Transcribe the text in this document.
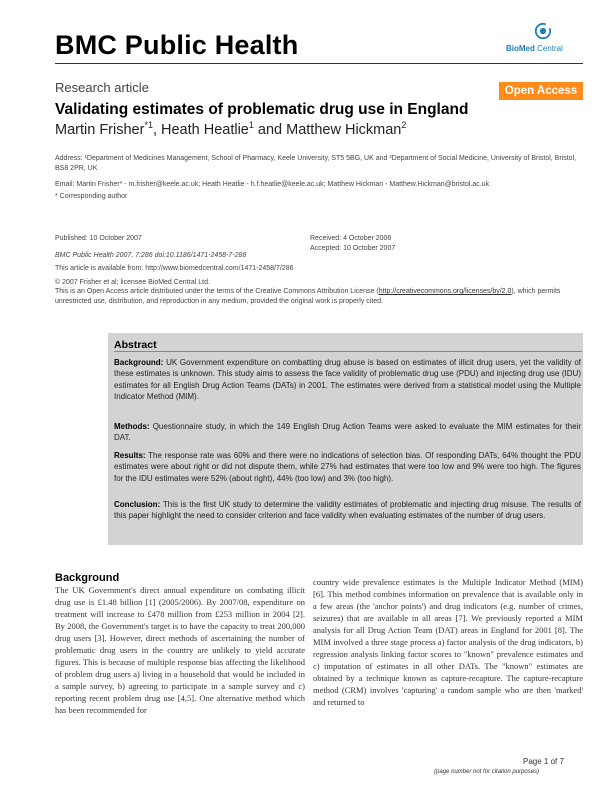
BMC Public Health	BioMed Central
Research article	Open Access
Validating estimates of problematic drug use in England
Martin Frisher$^{*1}$, Heath Heatlie$^1$ and Matthew Hickman$^2$
Address: ¹Department of Medicines Management, School of Pharmacy, Keele University, ST5 5BG, UK and ²Department of Social Medicine, University of Bristol, Bristol, BS8 2PR, UK
Email: Martin Frisher* - m.frisher@keele.ac.uk; Heath Heatlie - h.f.heatlie@keele.ac.uk; Matthew Hickman - Matthew.Hickman@bristol.ac.uk
* Corresponding author
Published: 10 October 2007	Received: 4 October 2006
Accepted: 10 October 2007
BMC Public Health 2007, 7:286 doi:10.1186/1471-2458-7-286
This article is available from: http://www.biomedcentral.com/1471-2458/7/286
© 2007 Frisher et al; licensee BioMed Central Ltd.
This is an Open Access article distributed under the terms of the Creative Commons Attribution License (http://creativecommons.org/licenses/by/2.0), which permits unrestricted use, distribution, and reproduction in any medium, provided the original work is properly cited.
Abstract
Background: UK Government expenditure on combatting drug abuse is based on estimates of illicit drug users, yet the validity of these estimates is unknown. This study aims to assess the face validity of problematic drug use (PDU) and injecting drug use (IDU) estimates for all English Drug Action Teams (DATs) in 2001. The estimates were derived from a statistical model using the Multiple Indicator Method (MIM).
Methods: Questionnaire study, in which the 149 English Drug Action Teams were asked to evaluate the MIM estimates for their DAT.
Results: The response rate was 60% and there were no indications of selection bias. Of responding DATs, 64% thought the PDU estimates were about right or did not dispute them, while 27% had estimates that were too low and 9% were too high. The figures for the IDU estimates were 52% (about right), 44% (too low) and 3% (too high).
Conclusion: This is the first UK study to determine the validity estimates of problematic and injecting drug misuse. The results of this paper highlight the need to consider criterion and face validity when evaluating estimates of the number of drug users.
Background
The UK Government's direct annual expenditure on combating illicit drug use is £1.48 billion [1] (2005/2006). By 2007/08, expenditure on treatment will increase to £478 million from £253 million in 2004 [2]. By 2008, the Government's target is to have the capacity to treat 200,000 drug users [3]. However, direct methods of ascertaining the number of problematic drug users in the country are unlikely to yield accurate figures. This is because of multiple response bias affecting the likelihood of problem drug users a) living in a household that would be included in a sample survey, b) agreeing to participate in a sample survey and c) reporting recent problem drug use [4,5]. One alternative method which has been recommended for
country wide prevalence estimates is the Multiple Indicator Method (MIM) [6]. This method combines information on prevalence that is available only in a few areas (the 'anchor points') and drug indicators (e.g. number of crimes, seizures) that are available in all areas [7]. We previously reported a MIM analysis for all Drug Action Team (DAT) areas in England for 2001 [8]. The MIM involved a three stage process a) factor analysis of the drug indicators, b) regression analysis linking factor scores to "known" prevalence estimates and c) imputation of estimates in all other DATs. The "known" estimates are obtained by a technique known as capture-recapture. The capture-recapture method (CRM) involves 'capturing' a random sample who are then 'marked' and returned to
Page 1 of 7
(page number not for citation purposes)
